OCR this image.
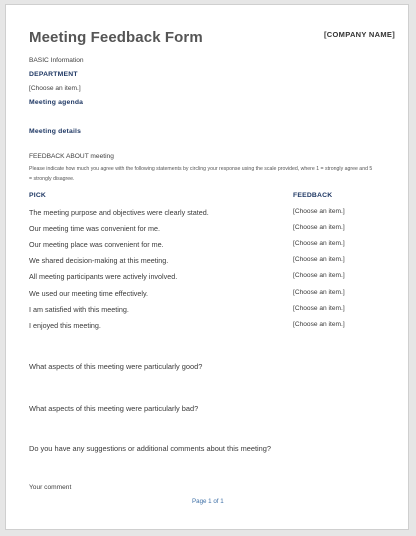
Meeting Feedback Form	[COMPANY NAME]
BASIC Information
DEPARTMENT
[Choose an item.]
Meeting agenda
Meeting details
FEEDBACK ABOUT meeting
Please indicate how much you agree with the following statements by circling your response using the scale provided, where 1 = strongly agree and 5 = strongly disagree.
PICK	FEEDBACK
The meeting purpose and objectives were clearly stated.	[Choose an item.]
Our meeting time was convenient for me.	[Choose an item.]
Our meeting place was convenient for me.	[Choose an item.]
We shared decision-making at this meeting.	[Choose an item.]
All meeting participants were actively involved.	[Choose an item.]
We used our meeting time effectively.	[Choose an item.]
I am satisfied with this meeting.	[Choose an item.]
I enjoyed this meeting.	[Choose an item.]
What aspects of this meeting were particularly good?
What aspects of this meeting were particularly bad?
Do you have any suggestions or additional comments about this meeting?
Your comment
Page 1 of 1
